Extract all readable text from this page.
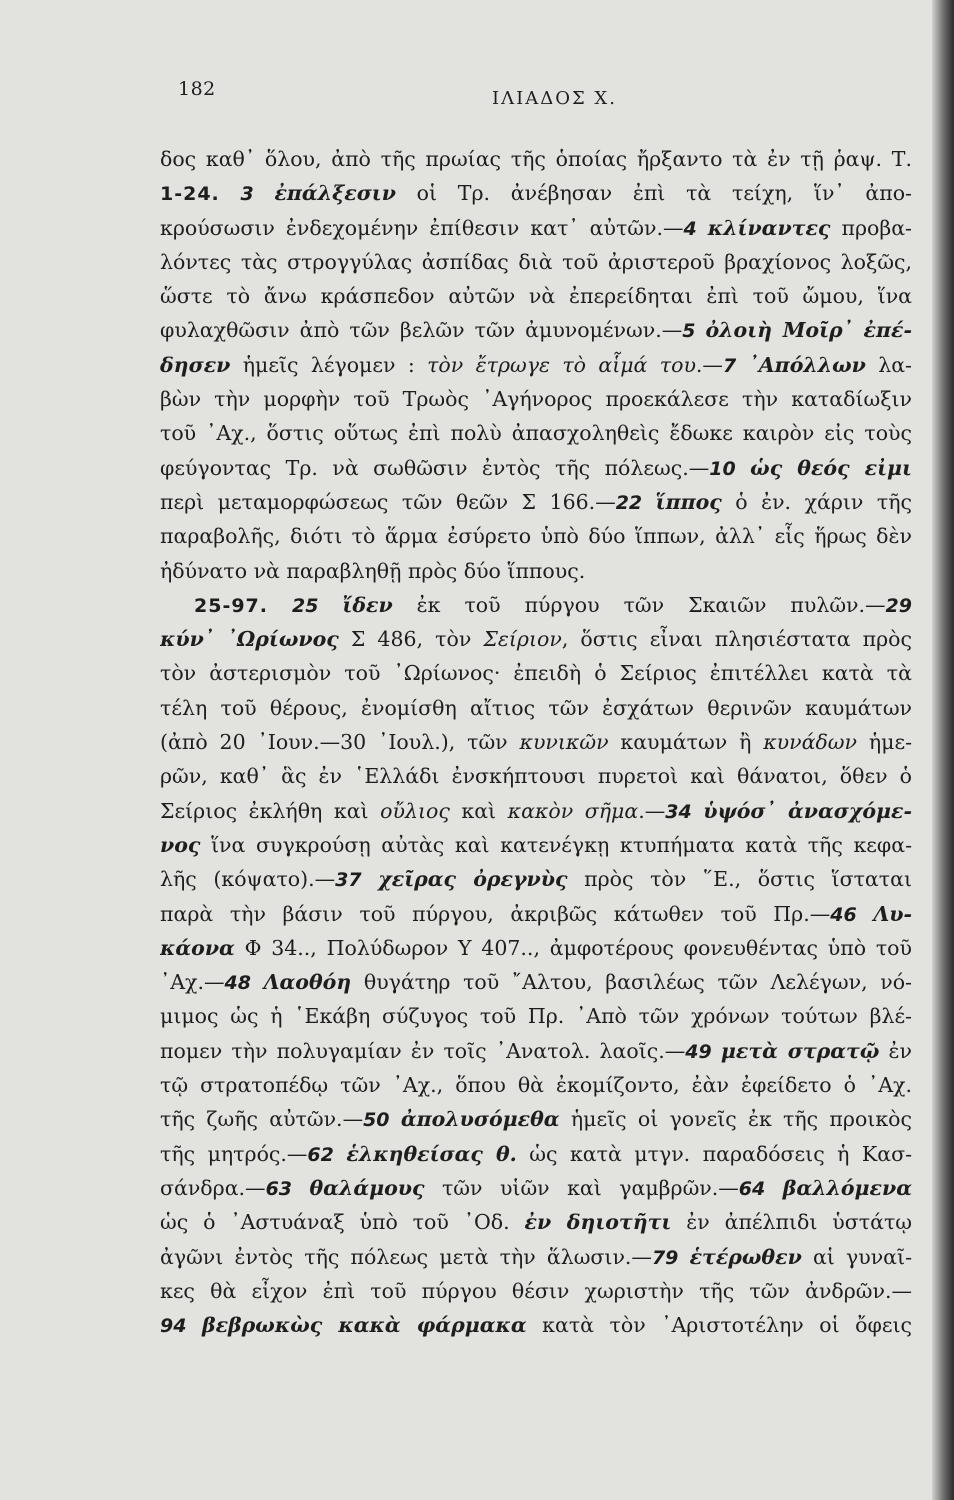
182	ΙΛΙΑΔΟΣ Χ.
δος καθ᾽ ὅλου, ἀπὸ τῆς πρωίας τῆς ὁποίας ἤρξαντο τὰ ἐν τῇ ῥαψ. Τ.
1-24. 3 ἐπάλξεσιν οἱ Τρ. ἀνέβησαν ἐπὶ τὰ τείχη, ἵν᾽ ἀπο-
κρούσωσιν ἐνδεχομένην ἐπίθεσιν κατ᾽ αὐτῶν.—4 κλίναντες προβα-
λόντες τὰς στρογγύλας ἀσπίδας διὰ τοῦ ἀριστεροῦ βραχίονος λοξῶς,
ὥστε τὸ ἄνω κράσπεδον αὐτῶν νὰ ἐπερείδηται ἐπὶ τοῦ ὤμου, ἵνα
φυλαχθῶσιν ἀπὸ τῶν βελῶν τῶν ἀμυνομένων.—5 ὀλοιὴ Μοῖρ᾽ ἐπέ-
δησεν ἡμεῖς λέγομεν : τὸν ἔτρωγε τὸ αἷμά του.—7 ᾽Απόλλων λα-
βὼν τὴν μορφὴν τοῦ Τρωὸς ᾽Αγήνορος προεκάλεσε τὴν καταδίωξιν
τοῦ ᾽Αχ., ὅστις οὕτως ἐπὶ πολὺ ἀπασχοληθεὶς ἔδωκε καιρὸν εἰς τοὺς
φεύγοντας Τρ. νὰ σωθῶσιν ἐντὸς τῆς πόλεως.—10 ὡς θεός εἰμι
περὶ μεταμορφώσεως τῶν θεῶν Σ 166.—22 ἵππος ὁ ἐν. χάριν τῆς
παραβολῆς, διότι τὸ ἅρμα ἐσύρετο ὑπὸ δύο ἵππων, ἀλλ᾽ εἷς ἥρως δὲν
ἠδύνατο νὰ παραβληθῇ πρὸς δύο ἵππους.
25-97. 25 ἴδεν ἐκ τοῦ πύργου τῶν Σκαιῶν πυλῶν.—29
κύν᾽ ᾽Ωρίωνος Σ 486, τὸν Σείριον, ὅστις εἶναι πλησιέστατα πρὸς
τὸν ἀστερισμὸν τοῦ ᾽Ωρίωνος· ἐπειδὴ ὁ Σείριος ἐπιτέλλει κατὰ τὰ
τέλη τοῦ θέρους, ἐνομίσθη αἴτιος τῶν ἐσχάτων θερινῶν καυμάτων
(ἀπὸ 20 ᾽Ιουν.—30 ᾽Ιουλ.), τῶν κυνικῶν καυμάτων ἢ κυνάδων ἡμε-
ρῶν, καθ᾽ ἃς ἐν ῾Ελλάδι ἐνσκήπτουσι πυρετοὶ καὶ θάνατοι, ὅθεν ὁ
Σείριος ἐκλήθη καὶ οὔλιος καὶ κακὸν σῆμα.—34 ὑψόσ᾽ ἀνασχόμε-
νος ἵνα συγκρούσῃ αὐτὰς καὶ κατενέγκῃ κτυπήματα κατὰ τῆς κεφα-
λῆς (κόψατο).—37 χεῖρας ὀρεγνὺς πρὸς τὸν ῞Ε., ὅστις ἵσταται
παρὰ τὴν βάσιν τοῦ πύργου, ἀκριβῶς κάτωθεν τοῦ Πρ.—46 Λυ-
κάονα Φ 34.., Πολύδωρον Υ 407.., ἀμφοτέρους φονευθέντας ὑπὸ τοῦ
᾽Αχ.—48 Λαοθόη θυγάτηρ τοῦ ῎Αλτου, βασιλέως τῶν Λελέγων, νό-
μιμος ὡς ἡ ῾Εκάβη σύζυγος τοῦ Πρ. ᾽Απὸ τῶν χρόνων τούτων βλέ-
πομεν τὴν πολυγαμίαν ἐν τοῖς ᾽Ανατολ. λαοῖς.—49 μετὰ στρατῷ ἐν
τῷ στρατοπέδῳ τῶν ᾽Αχ., ὅπου θὰ ἐκομίζοντο, ἐὰν ἐφείδετο ὁ ᾽Αχ.
τῆς ζωῆς αὐτῶν.—50 ἀπολυσόμεθα ἡμεῖς οἱ γονεῖς ἐκ τῆς προικὸς
τῆς μητρός.—62 ἑλκηθείσας θ. ὡς κατὰ μτγν. παραδόσεις ἡ Κασ-
σάνδρα.—63 θαλάμους τῶν υἱῶν καὶ γαμβρῶν.—64 βαλλόμενα
ὡς ὁ ᾽Αστυάναξ ὑπὸ τοῦ ᾽Οδ. ἐν δηιοτῆτι ἐν ἀπέλπιδι ὑστάτῳ
ἀγῶνι ἐντὸς τῆς πόλεως μετὰ τὴν ἅλωσιν.—79 ἑτέρωθεν αἱ γυναῖ-
κες θὰ εἶχον ἐπὶ τοῦ πύργου θέσιν χωριστὴν τῆς τῶν ἀνδρῶν.—
94 βεβρωκὼς κακὰ φάρμακα κατὰ τὸν ᾽Αριστοτέλην οἱ ὄφεις
